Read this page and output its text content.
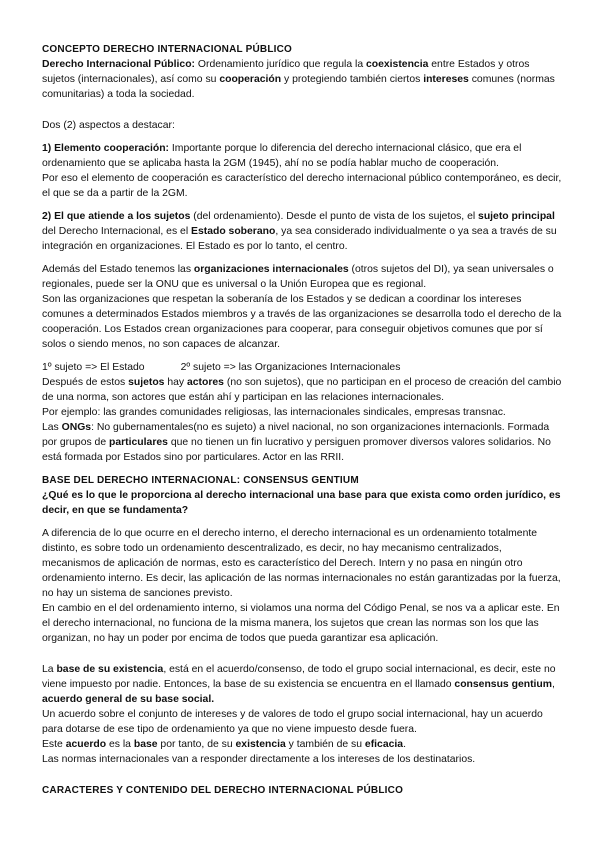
CONCEPTO DERECHO INTERNACIONAL PÚBLICO

Derecho Internacional Público: Ordenamiento jurídico que regula la coexistencia entre Estados y otros sujetos (internacionales), así como su cooperación y protegiendo también ciertos intereses comunes (normas comunitarias) a toda la sociedad.

Dos (2) aspectos a destacar:

1) Elemento cooperación: Importante porque lo diferencia del derecho internacional clásico, que era el ordenamiento que se aplicaba hasta la 2GM (1945), ahí no se podía hablar mucho de cooperación.

Por eso el elemento de cooperación es característico del derecho internacional público contemporáneo, es decir, el que se da a partir de la 2GM.

2) El que atiende a los sujetos (del ordenamiento). Desde el punto de vista de los sujetos, el sujeto principal del Derecho Internacional, es el Estado soberano, ya sea considerado individualmente o ya sea a través de su integración en organizaciones. El Estado es por lo tanto, el centro.

Además del Estado tenemos las organizaciones internacionales (otros sujetos del DI), ya sean universales o regionales, puede ser la ONU que es universal o la Unión Europea que es regional.

Son las organizaciones que respetan la soberanía de los Estados y se dedican a coordinar los intereses comunes a determinados Estados miembros y a través de las organizaciones se desarrolla todo el derecho de la cooperación. Los Estados crean organizaciones para cooperar, para conseguir objetivos comunes que por sí solos o siendo menos, no son capaces de alcanzar.

1º sujeto => El Estado	2º sujeto => las Organizaciones Internacionales

Después de estos sujetos hay actores (no son sujetos), que no participan en el proceso de creación del cambio de una norma, son actores que están ahí y participan en las relaciones internacionales.

Por ejemplo: las grandes comunidades religiosas, las internacionales sindicales, empresas transnac.

Las ONGs: No gubernamentales(no es sujeto) a nivel nacional, no son organizaciones internacionls. Formada por grupos de particulares que no tienen un fin lucrativo y persiguen promover diversos valores solidarios. No está formada por Estados sino por particulares. Actor en las RRII.

BASE DEL DERECHO INTERNACIONAL: CONSENSUS GENTIUM

¿Qué es lo que le proporciona al derecho internacional una base para que exista como orden jurídico, es decir, en que se fundamenta?

A diferencia de lo que ocurre en el derecho interno, el derecho internacional es un ordenamiento totalmente distinto, es sobre todo un ordenamiento descentralizado, es decir, no hay mecanismo centralizados, mecanismos de aplicación de normas, esto es característico del Derech. Intern y no pasa en ningún otro ordenamiento interno. Es decir, las aplicación de las normas internacionales no están garantizadas por la fuerza, no hay un sistema de sanciones previsto.

En cambio en el del ordenamiento interno, si violamos una norma del Código Penal, se nos va a aplicar este. En el derecho internacional, no funciona de la misma manera, los sujetos que crean las normas son los que las organizan, no hay un poder por encima de todos que pueda garantizar esa aplicación.

La base de su existencia, está en el acuerdo/consenso, de todo el grupo social internacional, es decir, este no viene impuesto por nadie. Entonces, la base de su existencia se encuentra en el llamado consensus gentium, acuerdo general de su base social.

Un acuerdo sobre el conjunto de intereses y de valores de todo el grupo social internacional, hay un acuerdo para dotarse de ese tipo de ordenamiento ya que no viene impuesto desde fuera.

Este acuerdo es la base por tanto, de su existencia y también de su eficacia.

Las normas internacionales van a responder directamente a los intereses de los destinatarios.

CARACTERES Y CONTENIDO DEL DERECHO INTERNACIONAL PÚBLICO
